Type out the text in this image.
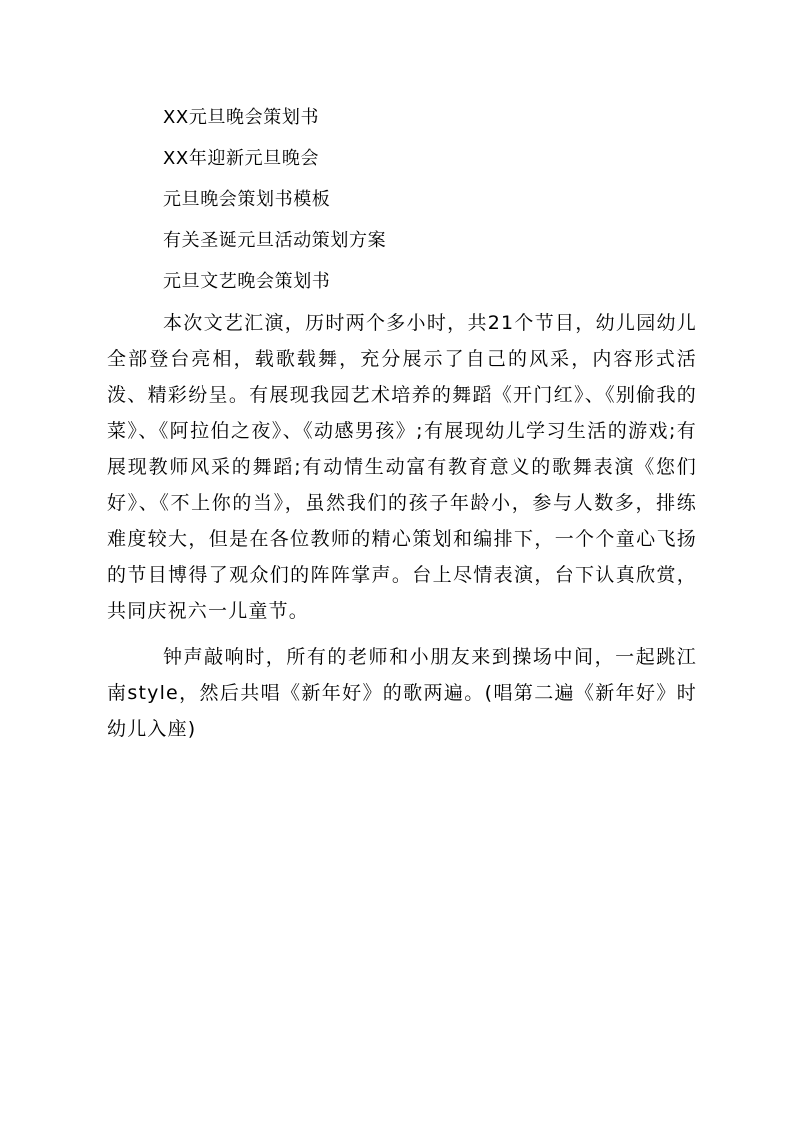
XX元旦晚会策划书
XX年迎新元旦晚会
元旦晚会策划书模板
有关圣诞元旦活动策划方案
元旦文艺晚会策划书

本次文艺汇演，历时两个多小时，共21个节目，幼儿园幼儿全部登台亮相，载歌载舞，充分展示了自己的风采，内容形式活泼、精彩纷呈。有展现我园艺术培养的舞蹈《开门红》、《别偷我的菜》、《阿拉伯之夜》、《动感男孩》;有展现幼儿学习生活的游戏;有展现教师风采的舞蹈;有动情生动富有教育意义的歌舞表演《您们好》、《不上你的当》，虽然我们的孩子年龄小，参与人数多，排练难度较大，但是在各位教师的精心策划和编排下，一个个童心飞扬的节目博得了观众们的阵阵掌声。台上尽情表演，台下认真欣赏，共同庆祝六一儿童节。

钟声敲响时，所有的老师和小朋友来到操场中间，一起跳江南style，然后共唱《新年好》的歌两遍。(唱第二遍《新年好》时幼儿入座)
